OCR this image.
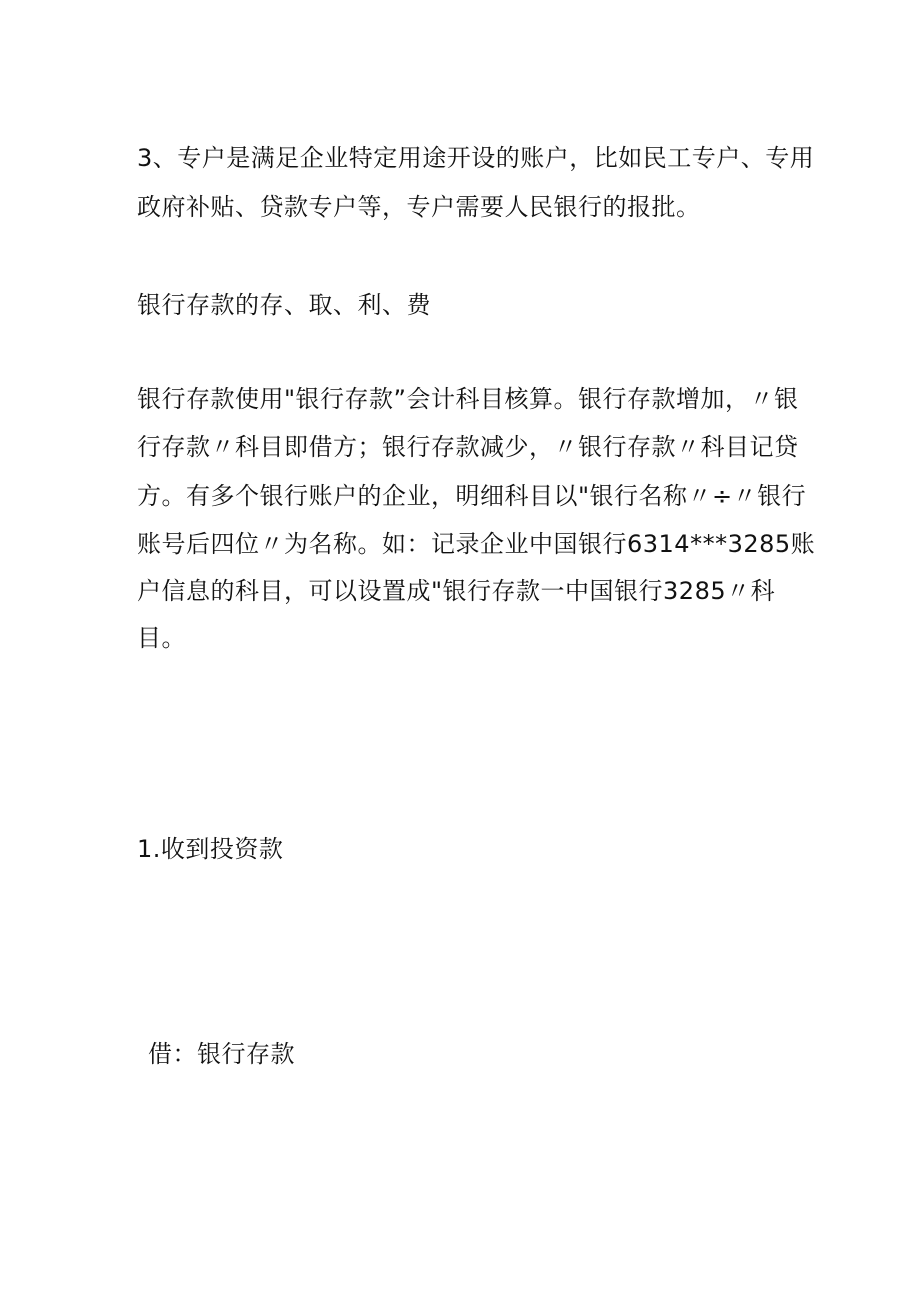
3、专户是满足企业特定用途开设的账户，比如民工专户、专用
政府补贴、贷款专户等，专户需要人民银行的报批。
银行存款的存、取、利、费
银行存款使用"银行存款”会计科目核算。银行存款增加，〃银
行存款〃科目即借方；银行存款减少，〃银行存款〃科目记贷
方。有多个银行账户的企业，明细科目以"银行名称〃÷〃银行
账号后四位〃为名称。如：记录企业中国银行6314***3285账
户信息的科目，可以设置成"银行存款一中国银行3285〃科
目。
1.收到投资款
借：银行存款
